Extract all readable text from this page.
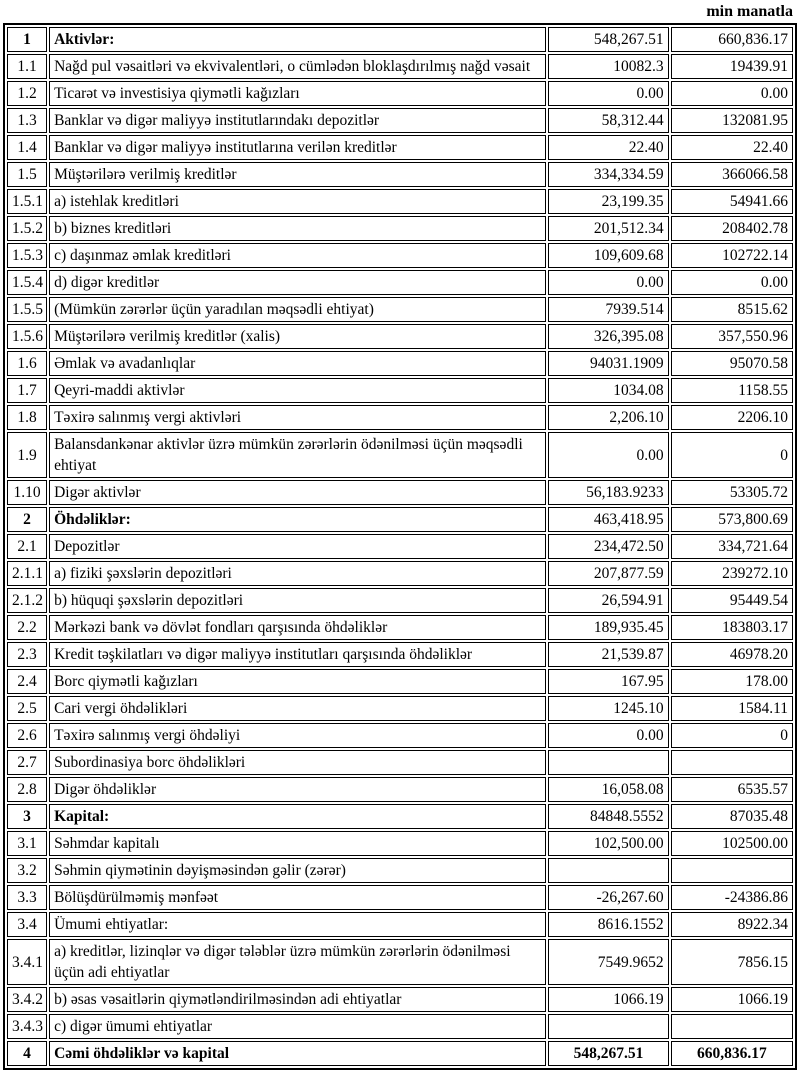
min manatla
1	Aktivlər:	548,267.51	660,836.17
1.1	Nağd pul vəsaitləri və ekvivalentləri, o cümlədən bloklaşdırılmış nağd vəsait	10082.3	19439.91
1.2	Ticarət və investisiya qiymətli kağızları	0.00	0.00
1.3	Banklar və digər maliyyə institutlarındakı depozitlər	58,312.44	132081.95
1.4	Banklar və digər maliyyə institutlarına verilən kreditlər	22.40	22.40
1.5	Müştərilərə verilmiş kreditlər	334,334.59	366066.58
1.5.1	a) istehlak kreditləri	23,199.35	54941.66
1.5.2	b) biznes kreditləri	201,512.34	208402.78
1.5.3	c) daşınmaz əmlak kreditləri	109,609.68	102722.14
1.5.4	d) digər kreditlər	0.00	0.00
1.5.5	(Mümkün zərərlər üçün yaradılan məqsədli ehtiyat)	7939.514	8515.62
1.5.6	Müştərilərə verilmiş kreditlər (xalis)	326,395.08	357,550.96
1.6	Əmlak və avadanlıqlar	94031.1909	95070.58
1.7	Qeyri-maddi aktivlər	1034.08	1158.55
1.8	Təxirə salınmış vergi aktivləri	2,206.10	2206.10
1.9	Balansdankənar aktivlər üzrə mümkün zərərlərin ödənilməsi üçün məqsədli ehtiyat	0.00	0
1.10	Digər aktivlər	56,183.9233	53305.72
2	Öhdəliklər:	463,418.95	573,800.69
2.1	Depozitlər	234,472.50	334,721.64
2.1.1	a) fiziki şəxslərin depozitləri	207,877.59	239272.10
2.1.2	b) hüquqi şəxslərin depozitləri	26,594.91	95449.54
2.2	Mərkəzi bank və dövlət fondları qarşısında öhdəliklər	189,935.45	183803.17
2.3	Kredit təşkilatları və digər maliyyə institutları qarşısında öhdəliklər	21,539.87	46978.20
2.4	Borc qiymətli kağızları	167.95	178.00
2.5	Cari vergi öhdəlikləri	1245.10	1584.11
2.6	Təxirə salınmış vergi öhdəliyi	0.00	0
2.7	Subordinasiya borc öhdəlikləri		
2.8	Digər öhdəliklər	16,058.08	6535.57
3	Kapital:	84848.5552	87035.48
3.1	Səhmdar kapitalı	102,500.00	102500.00
3.2	Səhmin qiymətinin dəyişməsindən gəlir (zərər)		
3.3	Bölüşdürülməmiş mənfəət	-26,267.60	-24386.86
3.4	Ümumi ehtiyatlar:	8616.1552	8922.34
3.4.1	a) kreditlər, lizinqlər və digər tələblər üzrə mümkün zərərlərin ödənilməsi üçün adi ehtiyatlar	7549.9652	7856.15
3.4.2	b) əsas vəsaitlərin qiymətləndirilməsindən adi ehtiyatlar	1066.19	1066.19
3.4.3	c) digər ümumi ehtiyatlar		
4	Cəmi öhdəliklər və kapital	548,267.51	660,836.17
